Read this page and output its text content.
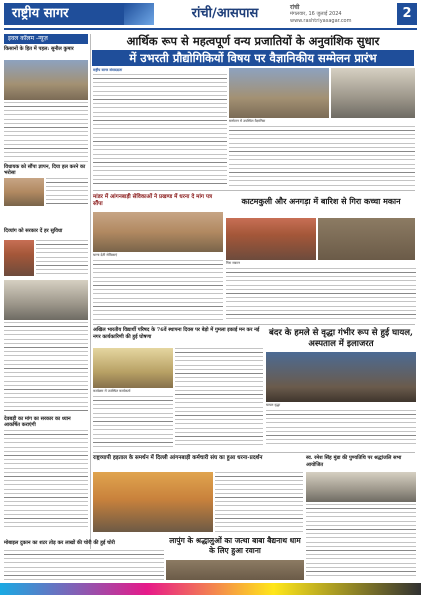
राष्ट्रीय सागर	रांची/आसपास	रांची
मंगलवार, 16 जुलाई 2024
www.rashtriyasagar.com	2
आर्थिक रूप से महत्वपूर्ण वन्य प्रजातियों के अनुवांशिक सुधार
में उभरती प्रौद्योगिकियों विषय पर वैज्ञानिकीय सम्मेलन प्रारंभ
इवल कॉलम -न्यूज़
किसानों के हित में पहल: सुनील कुमार
विधायक को सौंपा ज्ञापन, दिया हल करने का भरोसा
दिव्यांग को सरकार दें हर सुविधा
देवबड़ी का मांग का सरकार का ध्यान आकर्षित कराएंगी
राष्ट्रीय सागर संवाददाता
सम्मेलन में उपस्थित वैज्ञानिक
मांडर में आंगनबाड़ी सेविकाओं ने प्रखण्ड में धरना दे मांग पत्र सौंपा
धरना देती सेविकाएं
काटमकुली और अनगड़ा में बारिश से गिरा कच्चा मकान
गिरा मकान
अखिल भारतीय विद्यार्थी परिषद के 76वें स्थापना दिवस पर बेड़ो में गुमला इकाई मन कर नई नगर कार्यकारिणी की हुई घोषणा
कार्यक्रम में उपस्थित कार्यकर्ता
बंदर के हमले से वृद्धा गंभीर रूप से हुई घायल, अस्पताल में इलाजरत
घायल वृद्धा
राष्ट्रव्यापी हड़ताल के समर्थन में दिल्ली आंगनबाड़ी कर्मचारी संघ का हुआ धरना-प्रदर्शन	स्व. रमेश सिंह मुंडा की पुण्यतिथि पर श्रद्धांजलि सभा आयोजित
मोबाइल दुकान का शटर तोड़ कर लाखों की चोरी की हुई चोरी	लापुंग के श्रद्धालुओं का जत्था बाबा बैद्यनाथ धाम के लिए हुआ रवाना
